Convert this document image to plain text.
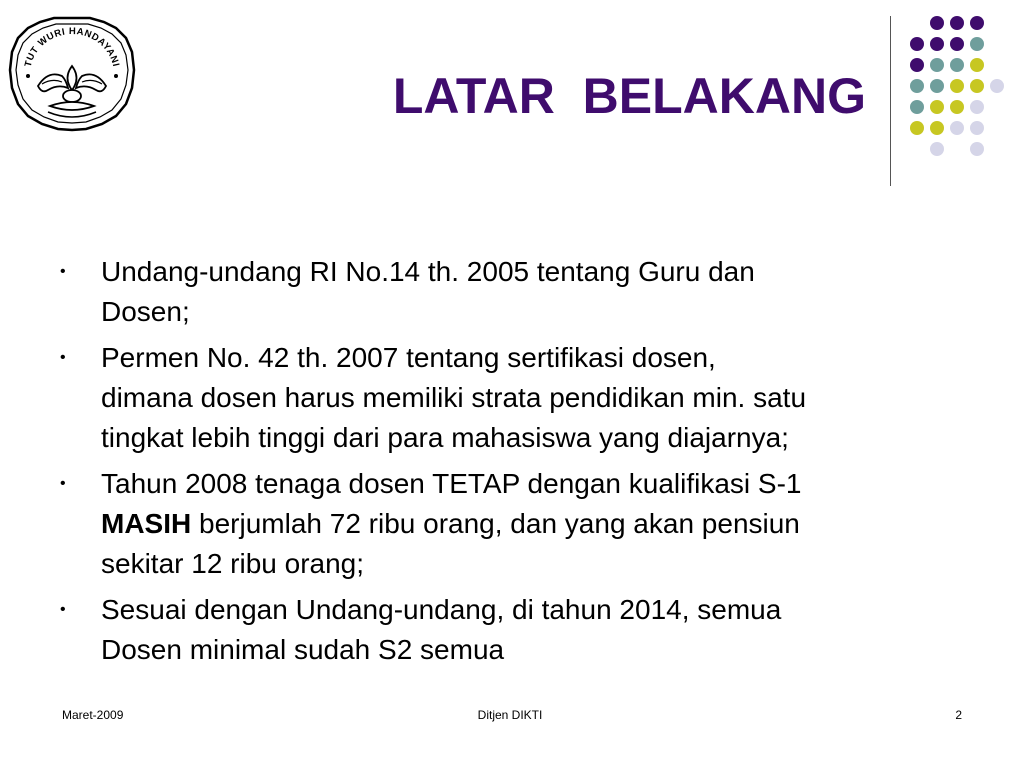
TUT WURI HANDAYANI
LATAR  BELAKANG
• Undang-undang RI No.14 th. 2005 tentang Guru dan
Dosen;
• Permen No. 42 th. 2007 tentang sertifikasi dosen,
dimana dosen harus memiliki strata pendidikan min. satu
tingkat lebih tinggi dari para mahasiswa yang diajarnya;
• Tahun 2008 tenaga dosen TETAP dengan kualifikasi S-1
MASIH berjumlah 72 ribu orang, dan yang akan pensiun
sekitar 12 ribu orang;
• Sesuai dengan Undang-undang, di tahun 2014, semua
Dosen minimal sudah S2 semua
Maret-2009	Ditjen DIKTI	2
